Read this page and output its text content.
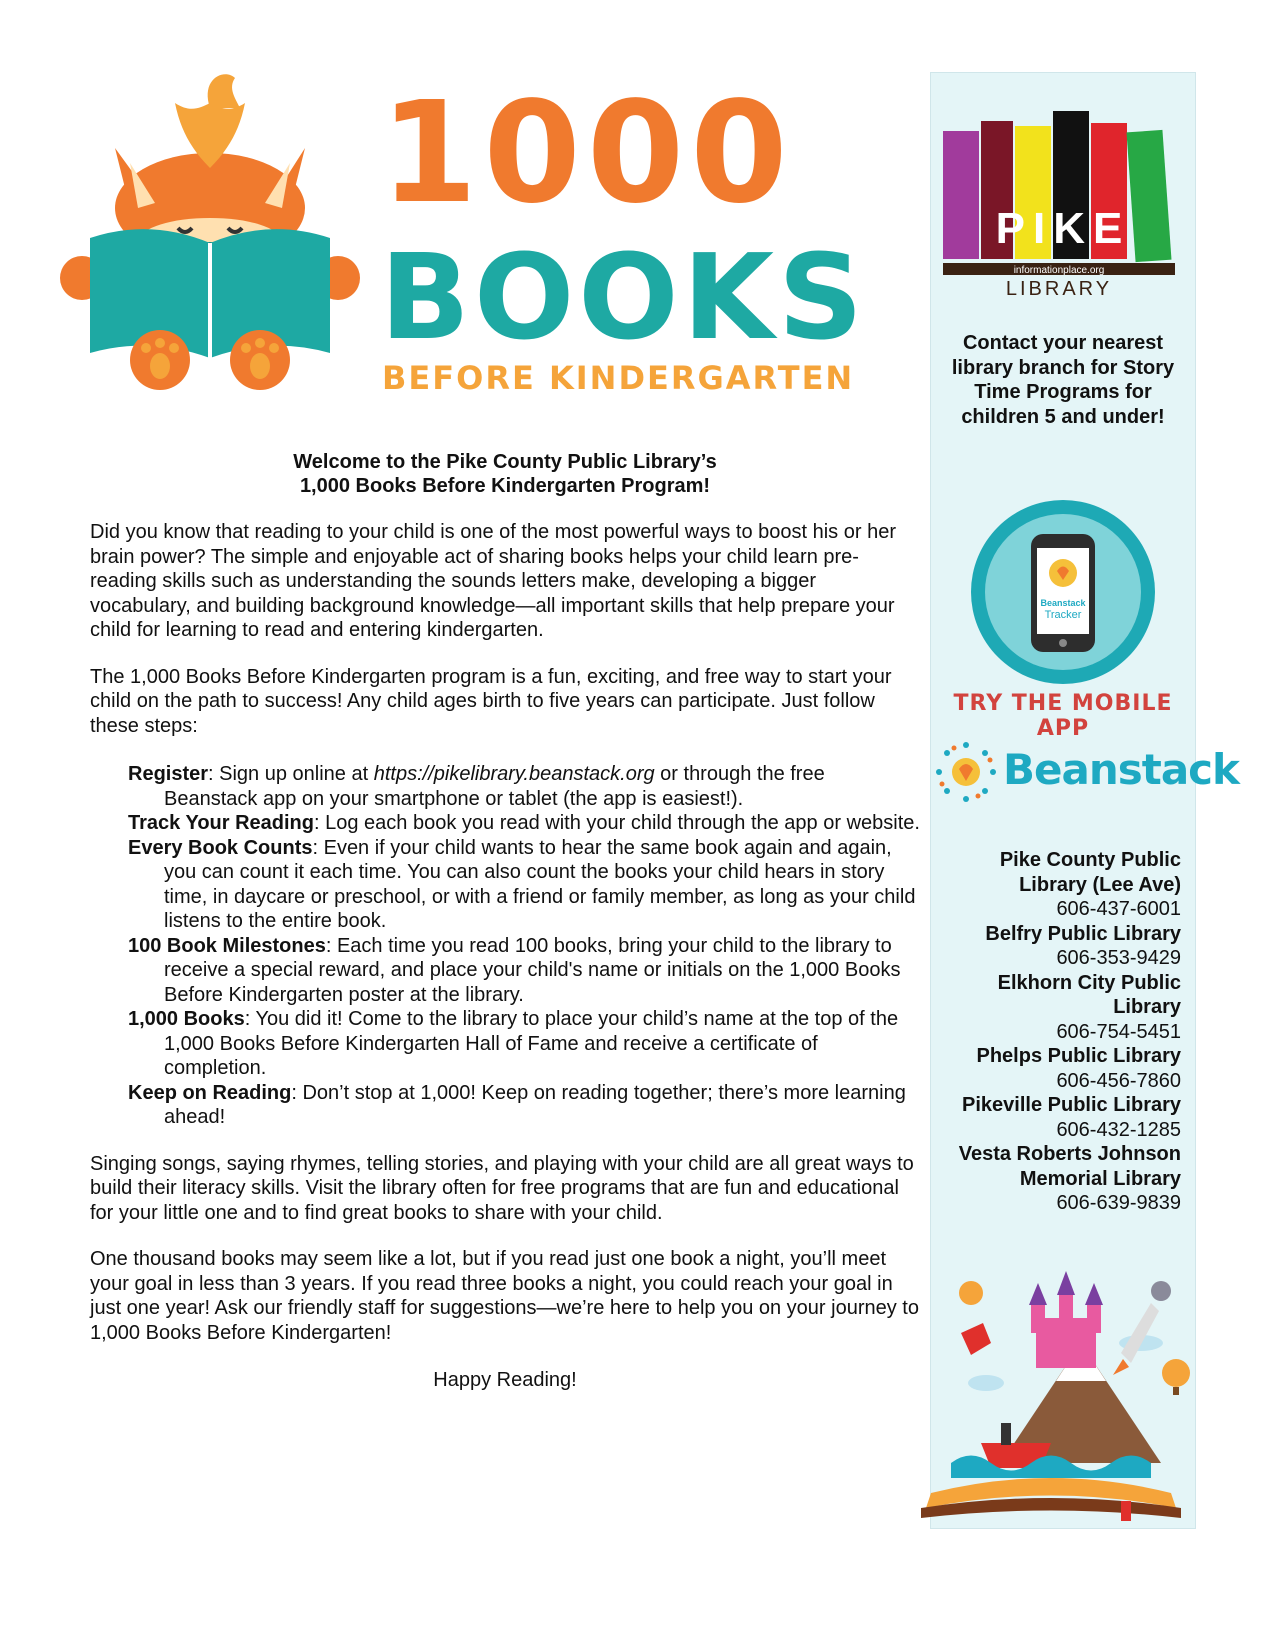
1000
BOOKS
BEFORE KINDERGARTEN
Welcome to the Pike County Public Library’s
1,000 Books Before Kindergarten Program!

Did you know that reading to your child is one of the most powerful ways to boost his or her brain power? The simple and enjoyable act of sharing books helps your child learn pre-reading skills such as understanding the sounds letters make, developing a bigger vocabulary, and building background knowledge—all important skills that help prepare your child for learning to read and entering kindergarten.

The 1,000 Books Before Kindergarten program is a fun, exciting, and free way to start your child on the path to success! Any child ages birth to five years can participate. Just follow these steps:

Register: Sign up online at https://pikelibrary.beanstack.org or through the free Beanstack app on your smartphone or tablet (the app is easiest!).
Track Your Reading: Log each book you read with your child through the app or website.
Every Book Counts: Even if your child wants to hear the same book again and again, you can count it each time. You can also count the books your child hears in story time, in daycare or preschool, or with a friend or family member, as long as your child listens to the entire book.
100 Book Milestones: Each time you read 100 books, bring your child to the library to receive a special reward, and place your child's name or initials on the 1,000 Books Before Kindergarten poster at the library.
1,000 Books: You did it! Come to the library to place your child’s name at the top of the 1,000 Books Before Kindergarten Hall of Fame and receive a certificate of completion.
Keep on Reading: Don’t stop at 1,000! Keep on reading together; there’s more learning ahead!

Singing songs, saying rhymes, telling stories, and playing with your child are all great ways to build their literacy skills. Visit the library often for free programs that are fun and educational for your little one and to find great books to share with your child.

One thousand books may seem like a lot, but if you read just one book a night, you’ll meet your goal in less than 3 years. If you read three books a night, you could reach your goal in just one year! Ask our friendly staff for suggestions—we’re here to help you on your journey to 1,000 Books Before Kindergarten!

Happy Reading!
PIKE
informationplace.org
LIBRARY
Contact your nearest library branch for Story Time Programs for children 5 and under!
Beanstack
Tracker
TRY THE MOBILE APP
Beanstack
Pike County Public Library (Lee Ave)
606-437-6001
Belfry Public Library
606-353-9429
Elkhorn City Public Library
606-754-5451
Phelps Public Library
606-456-7860
Pikeville Public Library
606-432-1285
Vesta Roberts Johnson Memorial Library
606-639-9839
